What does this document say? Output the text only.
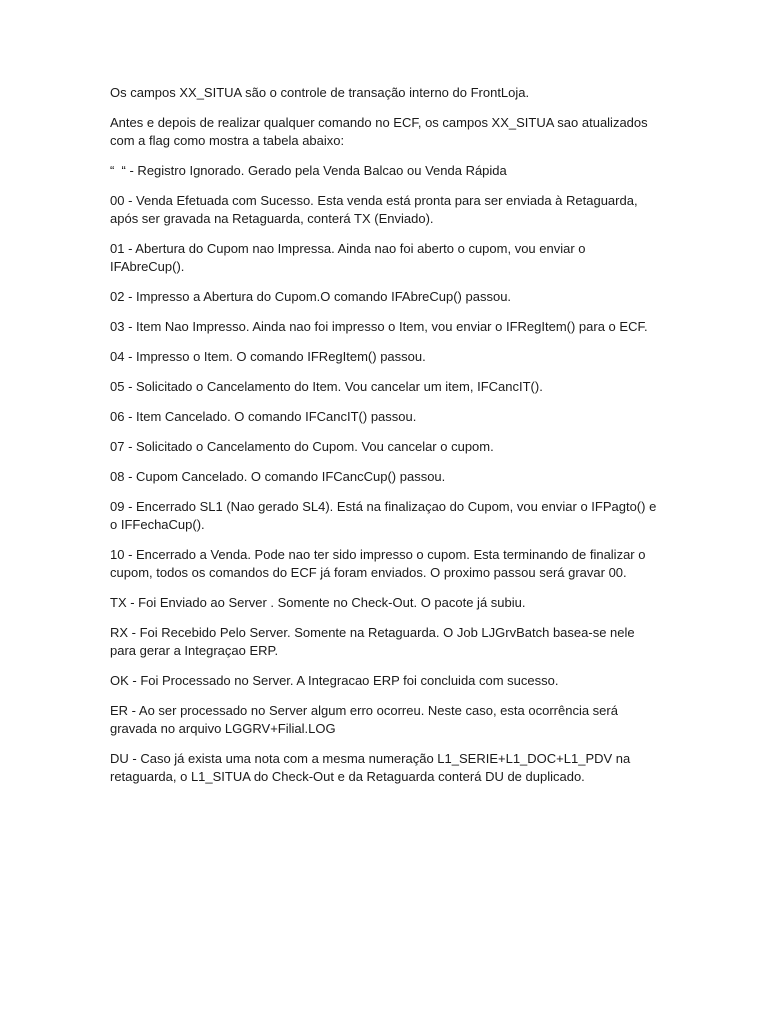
Os campos XX_SITUA são o controle de transação interno do FrontLoja.

Antes e depois de realizar qualquer comando no ECF, os campos XX_SITUA sao atualizados com a flag como mostra a tabela abaixo:

“  “ - Registro Ignorado. Gerado pela Venda Balcao ou Venda Rápida

00 - Venda Efetuada com Sucesso. Esta venda está pronta para ser enviada à Retaguarda, após ser gravada na Retaguarda, conterá TX (Enviado).

01 - Abertura do Cupom nao Impressa. Ainda nao foi aberto o cupom, vou enviar o IFAbreCup().

02 - Impresso a Abertura do Cupom.O comando IFAbreCup() passou.

03 - Item Nao Impresso. Ainda nao foi impresso o Item, vou enviar o IFRegItem() para o ECF.

04 - Impresso o Item. O comando IFRegItem() passou.

05 - Solicitado o Cancelamento do Item. Vou cancelar um item, IFCancIT().

06 - Item Cancelado. O comando IFCancIT() passou.

07 - Solicitado o Cancelamento do Cupom. Vou cancelar o cupom.

08 - Cupom Cancelado. O comando IFCancCup() passou.

09 - Encerrado SL1 (Nao gerado SL4). Está na finalizaçao do Cupom, vou enviar o IFPagto() e o IFFechaCup().

10 - Encerrado a Venda. Pode nao ter sido impresso o cupom. Esta terminando de finalizar o cupom, todos os comandos do ECF já foram enviados. O proximo passou será gravar 00.

TX - Foi Enviado ao Server . Somente no Check-Out. O pacote já subiu.

RX - Foi Recebido Pelo Server. Somente na Retaguarda. O Job LJGrvBatch basea-se nele para gerar a Integraçao ERP.

OK - Foi Processado no Server. A Integracao ERP foi concluida com sucesso.

ER - Ao ser processado no Server algum erro ocorreu. Neste caso, esta ocorrência será gravada no arquivo LGGRV+Filial.LOG

DU - Caso já exista uma nota com a mesma numeração L1_SERIE+L1_DOC+L1_PDV na retaguarda, o L1_SITUA do Check-Out e da Retaguarda conterá DU de duplicado.
